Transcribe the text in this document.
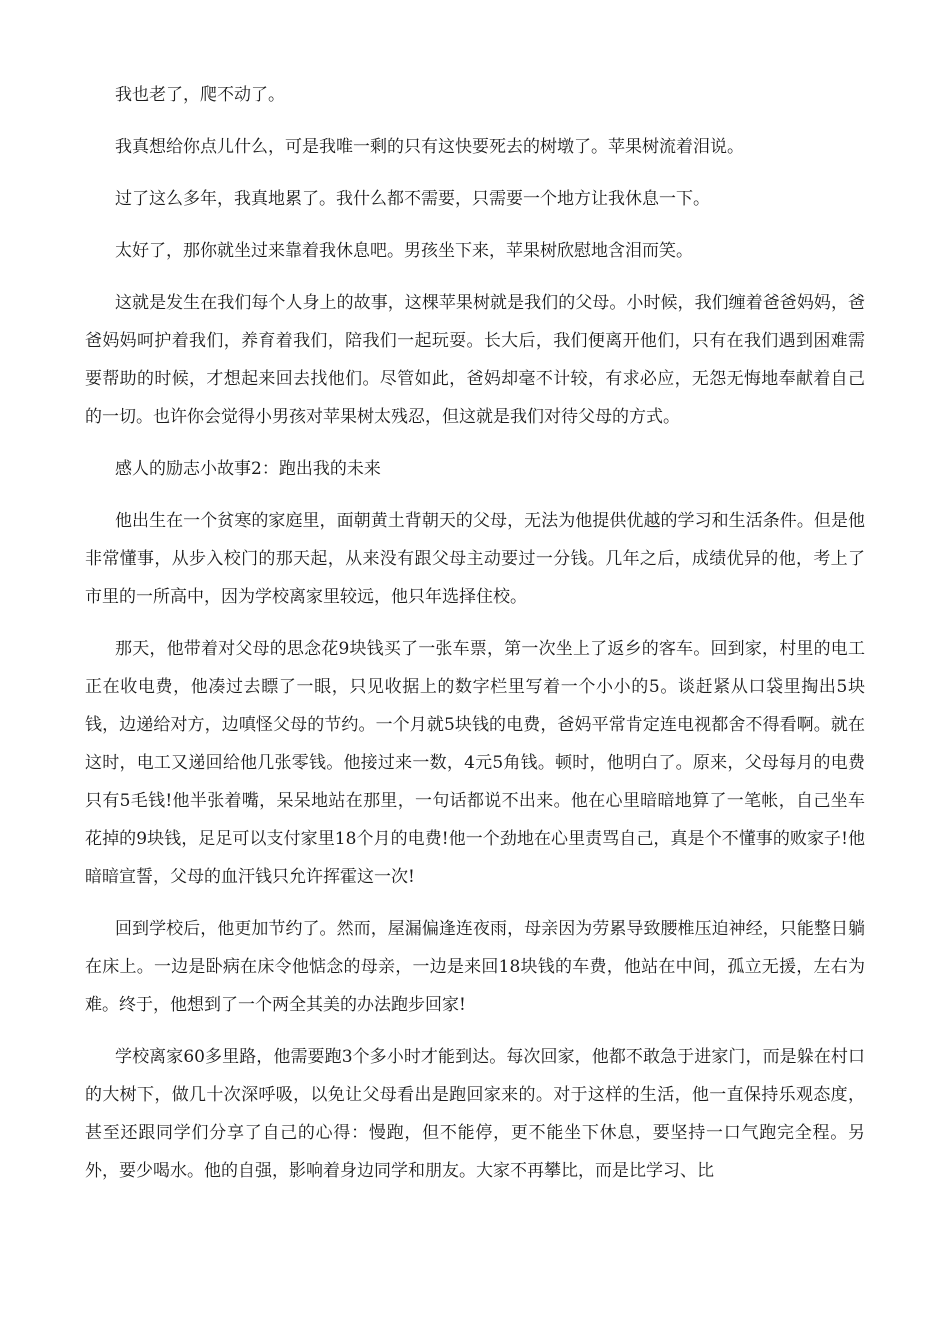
我也老了，爬不动了。

我真想给你点儿什么，可是我唯一剩的只有这快要死去的树墩了。苹果树流着泪说。

过了这么多年，我真地累了。我什么都不需要，只需要一个地方让我休息一下。

太好了，那你就坐过来靠着我休息吧。男孩坐下来，苹果树欣慰地含泪而笑。

这就是发生在我们每个人身上的故事，这棵苹果树就是我们的父母。小时候，我们缠着爸爸妈妈，爸爸妈妈呵护着我们，养育着我们，陪我们一起玩耍。长大后，我们便离开他们，只有在我们遇到困难需要帮助的时候，才想起来回去找他们。尽管如此，爸妈却毫不计较，有求必应，无怨无悔地奉献着自己的一切。也许你会觉得小男孩对苹果树太残忍，但这就是我们对待父母的方式。

感人的励志小故事2：跑出我的未来

他出生在一个贫寒的家庭里，面朝黄土背朝天的父母，无法为他提供优越的学习和生活条件。但是他非常懂事，从步入校门的那天起，从来没有跟父母主动要过一分钱。几年之后，成绩优异的他，考上了市里的一所高中，因为学校离家里较远，他只年选择住校。

那天，他带着对父母的思念花9块钱买了一张车票，第一次坐上了返乡的客车。回到家，村里的电工正在收电费，他凑过去瞟了一眼，只见收据上的数字栏里写着一个小小的5。谈赶紧从口袋里掏出5块钱，边递给对方，边嗔怪父母的节约。一个月就5块钱的电费，爸妈平常肯定连电视都舍不得看啊。就在这时，电工又递回给他几张零钱。他接过来一数，4元5角钱。顿时，他明白了。原来，父母每月的电费只有5毛钱!他半张着嘴，呆呆地站在那里，一句话都说不出来。他在心里暗暗地算了一笔帐，自己坐车花掉的9块钱，足足可以支付家里18个月的电费!他一个劲地在心里责骂自己，真是个不懂事的败家子!他暗暗宣誓，父母的血汗钱只允许挥霍这一次!

回到学校后，他更加节约了。然而，屋漏偏逢连夜雨，母亲因为劳累导致腰椎压迫神经，只能整日躺在床上。一边是卧病在床令他惦念的母亲，一边是来回18块钱的车费，他站在中间，孤立无援，左右为难。终于，他想到了一个两全其美的办法跑步回家!

学校离家60多里路，他需要跑3个多小时才能到达。每次回家，他都不敢急于进家门，而是躲在村口的大树下，做几十次深呼吸，以免让父母看出是跑回家来的。对于这样的生活，他一直保持乐观态度，甚至还跟同学们分享了自己的心得：慢跑，但不能停，更不能坐下休息，要坚持一口气跑完全程。另外，要少喝水。他的自强，影响着身边同学和朋友。大家不再攀比，而是比学习、比
